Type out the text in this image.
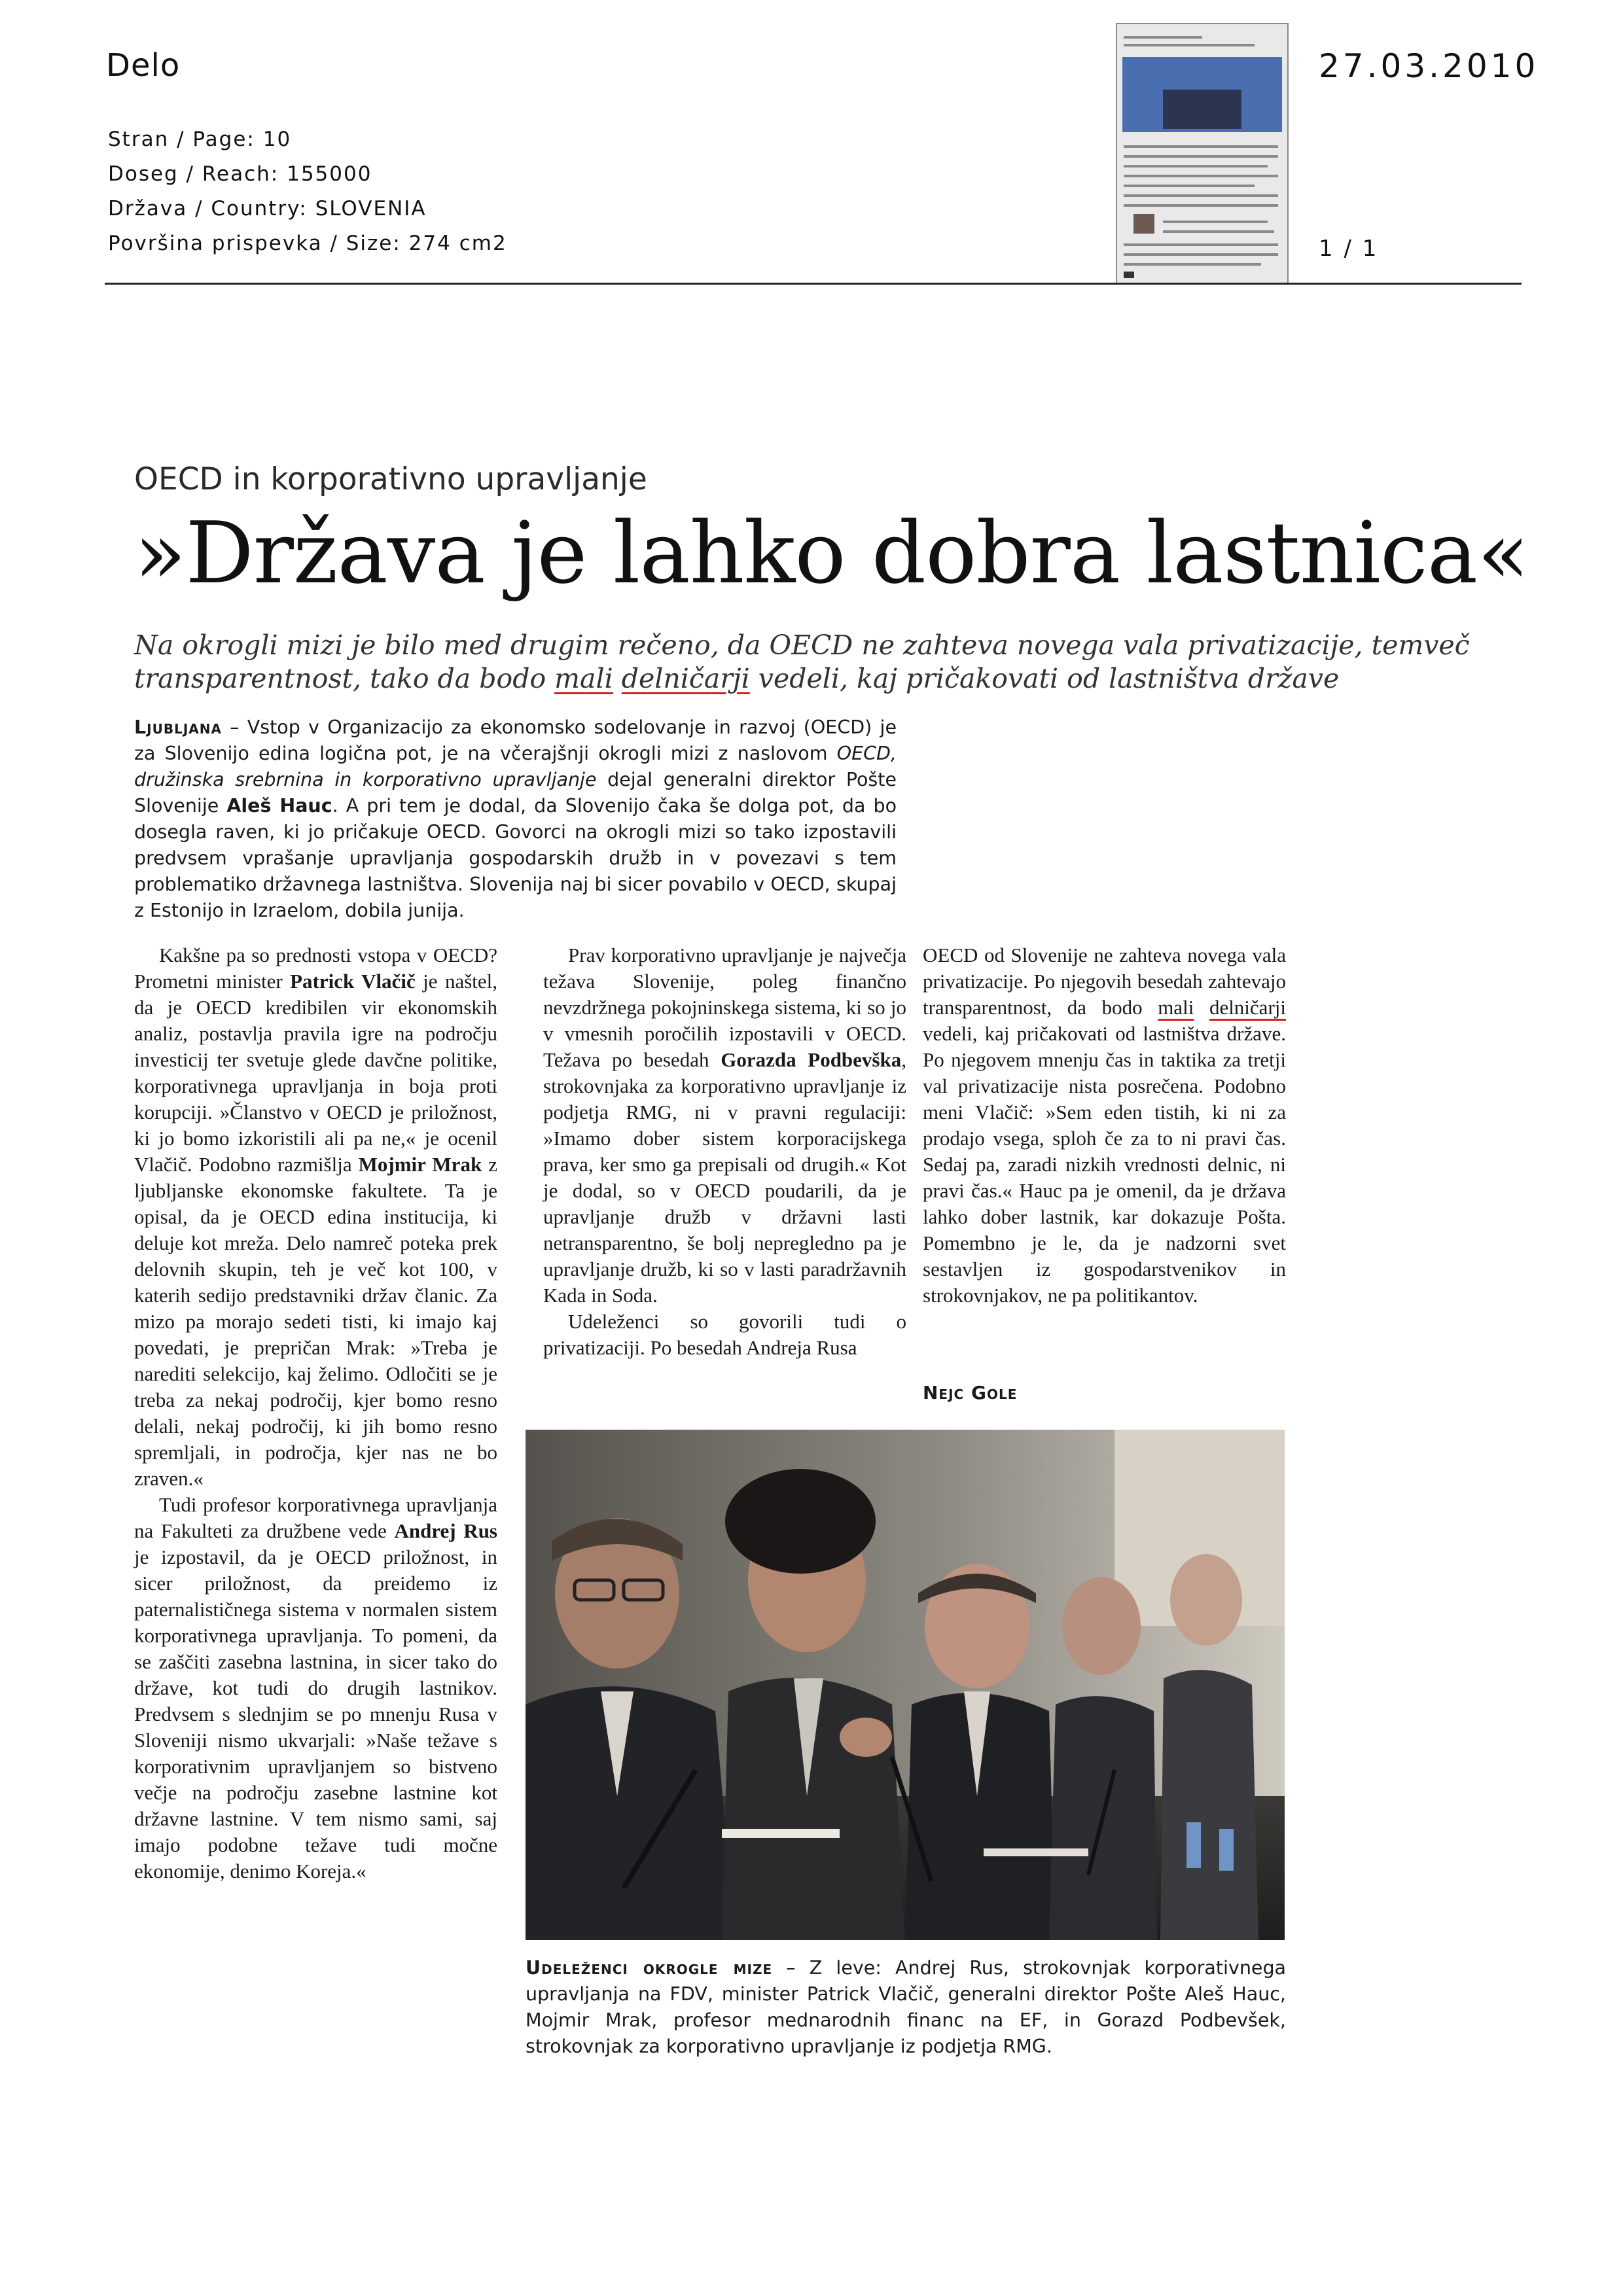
Delo	27.03.2010
Stran / Page: 10
Doseg / Reach: 155000
Država / Country: SLOVENIA
Površina prispevka / Size: 274 cm2	1 / 1
OECD in korporativno upravljanje
»Država je lahko dobra lastnica«
Na okrogli mizi je bilo med drugim rečeno, da OECD ne zahteva novega vala privatizacije, temveč
transparentnost, tako da bodo mali delničarji vedeli, kaj pričakovati od lastništva države
Ljubljana – Vstop v Organizacijo za ekonomsko sodelovanje in razvoj (OECD) je za Slovenijo edina logična pot, je na včerajšnji okrogli mizi z naslovom OECD, družinska srebrnina in korporativno upravljanje dejal generalni direktor Pošte Slovenije Aleš Hauc. A pri tem je dodal, da Slovenijo čaka še dolga pot, da bo dosegla raven, ki jo pričakuje OECD. Govorci na okrogli mizi so tako izpostavili predvsem vprašanje upravljanja gospodarskih družb in v povezavi s tem problematiko državnega lastništva. Slovenija naj bi sicer povabilo v OECD, skupaj z Estonijo in Izraelom, dobila junija.

Kakšne pa so prednosti vstopa v OECD? Prometni minister Patrick Vlačič je naštel, da je OECD kredibilen vir ekonomskih analiz, postavlja pravila igre na področju investicij ter svetuje glede davčne politike, korporativnega upravljanja in boja proti korupciji. »Članstvo v OECD je priložnost, ki jo bomo izkoristili ali pa ne,« je ocenil Vlačič. Podobno razmišlja Mojmir Mrak z ljubljanske ekonomske fakultete. Ta je opisal, da je OECD edina institucija, ki deluje kot mreža. Delo namreč poteka prek delovnih skupin, teh je več kot 100, v katerih sedijo predstavniki držav članic. Za mizo pa morajo sedeti tisti, ki imajo kaj povedati, je prepričan Mrak: »Treba je narediti selekcijo, kaj želimo. Odločiti se je treba za nekaj področij, kjer bomo resno delali, nekaj področij, ki jih bomo resno spremljali, in področja, kjer nas ne bo zraven.«

Tudi profesor korporativnega upravljanja na Fakulteti za družbene vede Andrej Rus je izpostavil, da je OECD priložnost, in sicer priložnost, da preidemo iz paternalističnega sistema v normalen sistem korporativnega upravljanja. To pomeni, da se zaščiti zasebna lastnina, in sicer tako do države, kot tudi do drugih lastnikov. Predvsem s slednjim se po mnenju Rusa v Sloveniji nismo ukvarjali: »Naše težave s korporativnim upravljanjem so bistveno večje na področju zasebne lastnine kot državne lastnine. V tem nismo sami, saj imajo podobne težave tudi močne ekonomije, denimo Koreja.«

Prav korporativno upravljanje je največja težava Slovenije, poleg finančno nevzdržnega pokojninskega sistema, ki so jo v vmesnih poročilih izpostavili v OECD. Težava po besedah Gorazda Podbevška, strokovnjaka za korporativno upravljanje iz podjetja RMG, ni v pravni regulaciji: »Imamo dober sistem korporacijskega prava, ker smo ga prepisali od drugih.« Kot je dodal, so v OECD poudarili, da je upravljanje družb v državni lasti netransparentno, še bolj nepregledno pa je upravljanje družb, ki so v lasti paradržavnih Kada in Soda.

Udeleženci so govorili tudi o privatizaciji. Po besedah Andreja Rusa

OECD od Slovenije ne zahteva novega vala privatizacije. Po njegovih besedah zahtevajo transparentnost, da bodo mali delničarji vedeli, kaj pričakovati od lastništva države. Po njegovem mnenju čas in taktika za tretji val privatizacije nista posrečena. Podobno meni Vlačič: »Sem eden tistih, ki ni za prodajo vsega, sploh če za to ni pravi čas. Sedaj pa, zaradi nizkih vrednosti delnic, ni pravi čas.« Hauc pa je omenil, da je država lahko dober lastnik, kar dokazuje Pošta. Pomembno je le, da je nadzorni svet sestavljen iz gospodarstvenikov in strokovnjakov, ne pa politikantov.

Nejc Gole
Udeleženci okrogle mize – Z leve: Andrej Rus, strokovnjak korporativnega upravljanja na FDV, minister Patrick Vlačič, generalni direktor Pošte Aleš Hauc, Mojmir Mrak, profesor mednarodnih financ na EF, in Gorazd Podbevšek, strokovnjak za korporativno upravljanje iz podjetja RMG.
